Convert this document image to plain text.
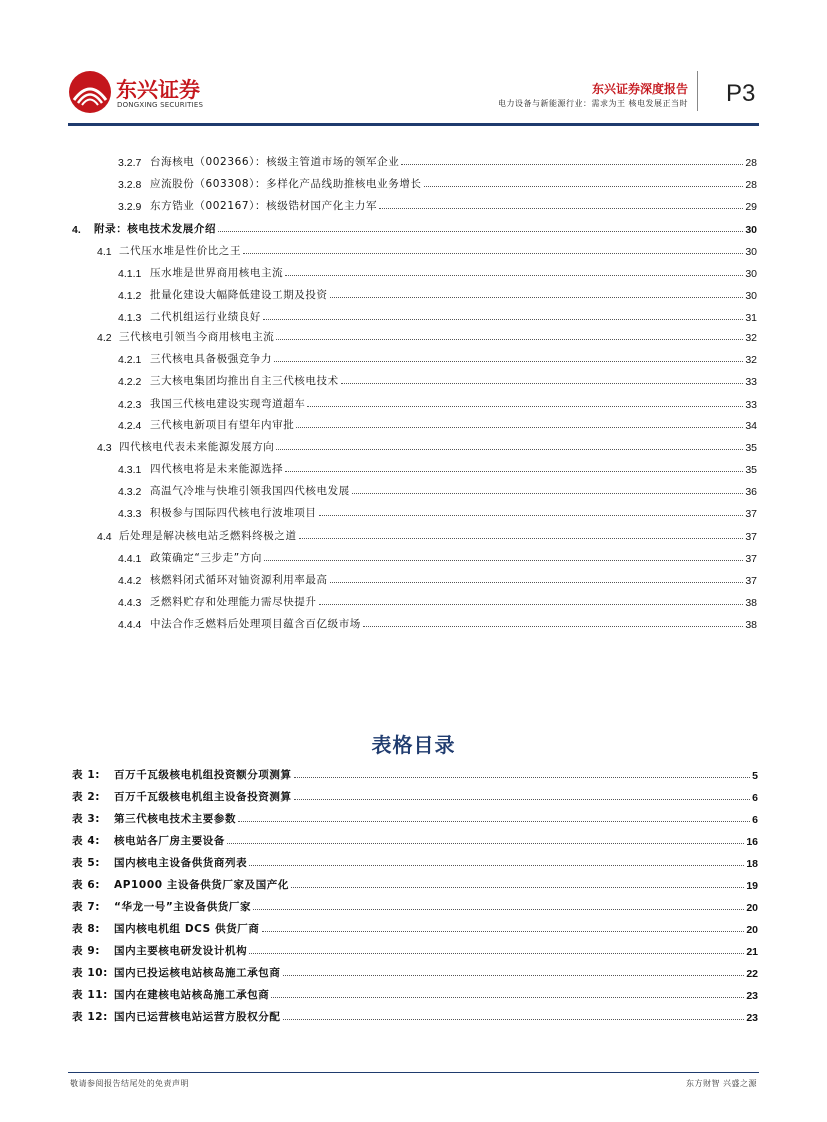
东兴证券
DONGXING SECURITIES
东兴证券深度报告
电力设备与新能源行业：需求为王 核电发展正当时 P3
3.2.7 台海核电（002366）：核级主管道市场的领军企业	28
3.2.8 应流股份（603308）：多样化产品线助推核电业务增长	28
3.2.9 东方锆业（002167）：核级锆材国产化主力军	29
4.	附录：核电技术发展介绍	30
4.1 二代压水堆是性价比之王	30
4.1.1 压水堆是世界商用核电主流	30
4.1.2 批量化建设大幅降低建设工期及投资	30
4.1.3 二代机组运行业绩良好	31
4.2 三代核电引领当今商用核电主流	32
4.2.1 三代核电具备极强竞争力	32
4.2.2 三大核电集团均推出自主三代核电技术	33
4.2.3 我国三代核电建设实现弯道超车	33
4.2.4 三代核电新项目有望年内审批	34
4.3 四代核电代表未来能源发展方向	35
4.3.1 四代核电将是未来能源选择	35
4.3.2 高温气冷堆与快堆引领我国四代核电发展	36
4.3.3 积极参与国际四代核电行波堆项目	37
4.4 后处理是解决核电站乏燃料终极之道	37
4.4.1 政策确定“三步走”方向	37
4.4.2 核燃料闭式循环对铀资源利用率最高	37
4.4.3 乏燃料贮存和处理能力需尽快提升	38
4.4.4 中法合作乏燃料后处理项目蕴含百亿级市场	38
表格目录
表 1:	百万千瓦级核电机组投资额分项测算	5
表 2:	百万千瓦级核电机组主设备投资测算	6
表 3:	第三代核电技术主要参数	6
表 4:	核电站各厂房主要设备	16
表 5:	国内核电主设备供货商列表	18
表 6:	AP1000 主设备供货厂家及国产化	19
表 7:	“华龙一号”主设备供货厂家	20
表 8:	国内核电机组 DCS 供货厂商	20
表 9:	国内主要核电研发设计机构	21
表 10: 国内已投运核电站核岛施工承包商	22
表 11: 国内在建核电站核岛施工承包商	23
表 12: 国内已运营核电站运营方股权分配	23
敬请参阅报告结尾处的免责声明	东方财智 兴盛之源
